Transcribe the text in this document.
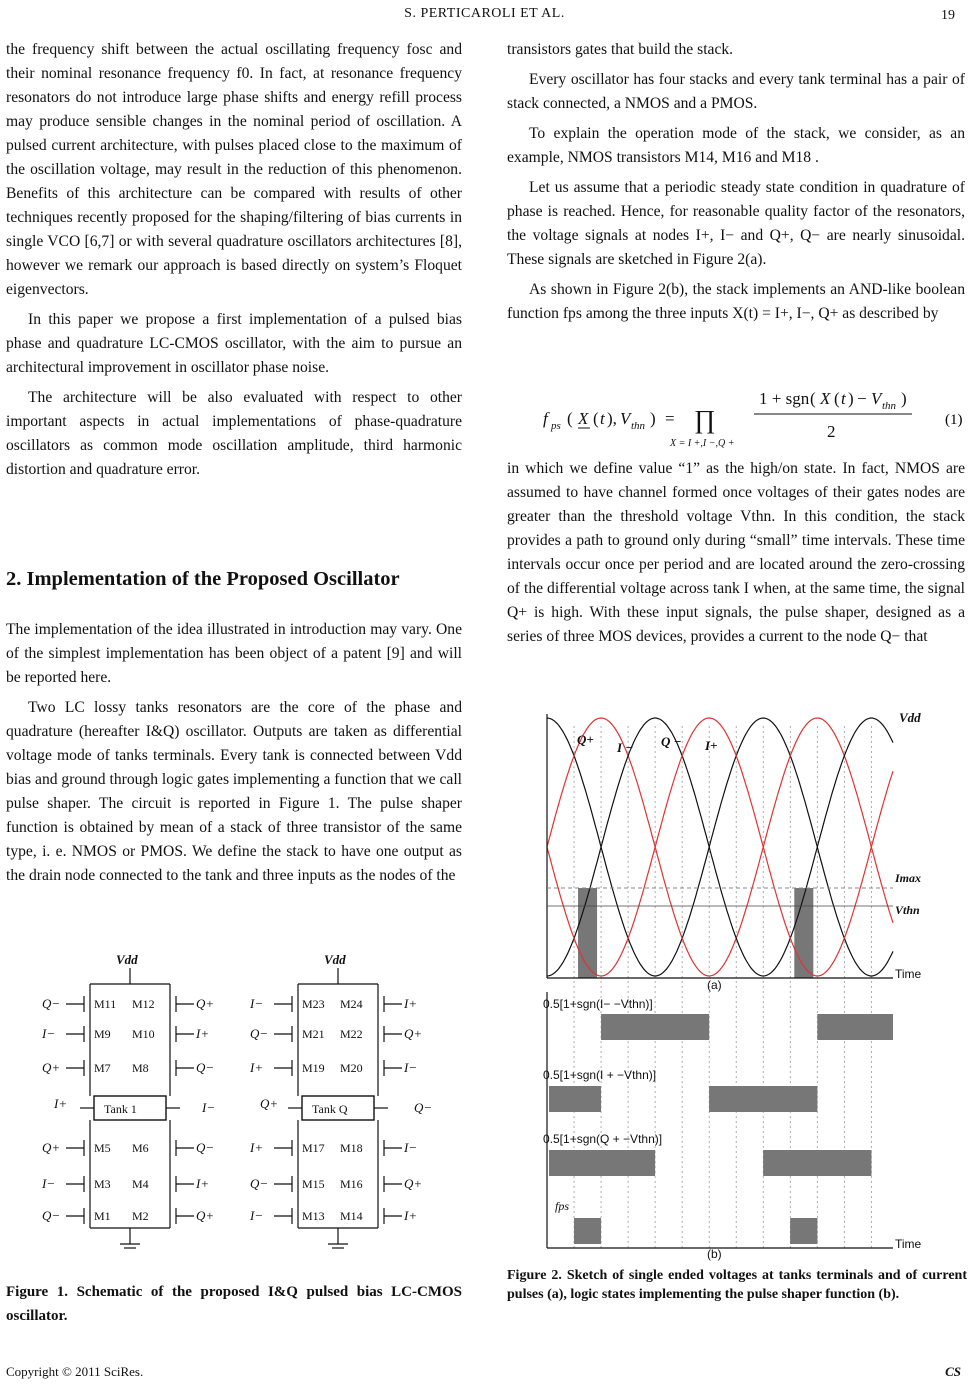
S. PERTICAROLI ET AL.	19

the frequency shift between the actual oscillating frequency fosc and their nominal resonance frequency f0. In fact, at resonance frequency resonators do not introduce large phase shifts and energy refill process may produce sensible changes in the nominal period of oscillation. A pulsed current architecture, with pulses placed close to the maximum of the oscillation voltage, may result in the reduction of this phenomenon. Benefits of this architecture can be compared with results of other techniques recently proposed for the shaping/filtering of bias currents in single VCO [6,7] or with several quadrature oscillators architectures [8], however we remark our approach is based directly on system’s Floquet eigenvectors.

In this paper we propose a first implementation of a pulsed bias phase and quadrature LC-CMOS oscillator, with the aim to pursue an architectural improvement in oscillator phase noise.

The architecture will be also evaluated with respect to other important aspects in actual implementations of phase-quadrature oscillators as common mode oscillation amplitude, third harmonic distortion and quadrature error.

2. Implementation of the Proposed Oscillator

The implementation of the idea illustrated in introduction may vary. One of the simplest implementation has been object of a patent [9] and will be reported here.

Two LC lossy tanks resonators are the core of the phase and quadrature (hereafter I&Q) oscillator. Outputs are taken as differential voltage mode of tanks terminals. Every tank is connected between Vdd bias and ground through logic gates implementing a function that we call pulse shaper. The circuit is reported in Figure 1. The pulse shaper function is obtained by mean of a stack of three transistor of the same type, i. e. NMOS or PMOS. We define the stack to have one output as the drain node connected to the tank and three inputs as the nodes of the

transistors gates that build the stack.

Every oscillator has four stacks and every tank terminal has a pair of stack connected, a NMOS and a PMOS.

To explain the operation mode of the stack, we consider, as an example, NMOS transistors M14, M16 and M18 .

Let us assume that a periodic steady state condition in quadrature of phase is reached. Hence, for reasonable quality factor of the resonators, the voltage signals at nodes I+, I− and Q+, Q− are nearly sinusoidal. These signals are sketched in Figure 2(a).

As shown in Figure 2(b), the stack implements an AND-like boolean function fps among the three inputs X(t) = I+, I−, Q+ as described by

f ps ( X ( t ), V thn ) = ∏
X = I +,I −,Q +
1 + sgn ( X ( t ) − V thn )
2
(1)

in which we define value “1” as the high/on state. In fact, NMOS are assumed to have channel formed once voltages of their gates nodes are greater than the threshold voltage Vthn. In this condition, the stack provides a path to ground only during “small” time intervals. These time intervals occur once per period and are located around the zero-crossing of the differential voltage across tank I when, at the same time, the signal Q+ is high. With these input signals, the pulse shaper, designed as a series of three MOS devices, provides a current to the node Q− that

Vdd	Vdd
Tank 1	Tank Q
I+	I−	Q+	Q−
Q−	M11 M12	Q+
I−	M9 M10	I+
Q+	M7 M8	Q−
Q+	M5 M6	Q−
I−	M3 M4	I+
Q−	M1 M2	Q+
I−	M23 M24	I+
Q−	M21 M22	Q+
I+	M19 M20	I−
I+	M17 M18	I−
Q−	M15 M16	Q+
I−	M13 M14	I+
Figure 1. Schematic of the proposed I&Q pulsed bias LC-CMOS oscillator.
Q+
I − Q − I+
Vdd
Imax
Vthn
Time
(a)
0.5[1+sgn(I− −Vthn)]
0.5[1+sgn(I + −Vthn)]
0.5[1+sgn(Q + −Vthn)]
fps
Time
(b)
Figure 2. Sketch of single ended voltages at tanks terminals and of current pulses (a), logic states implementing the pulse shaper function (b).
Copyright © 2011 SciRes.	CS
